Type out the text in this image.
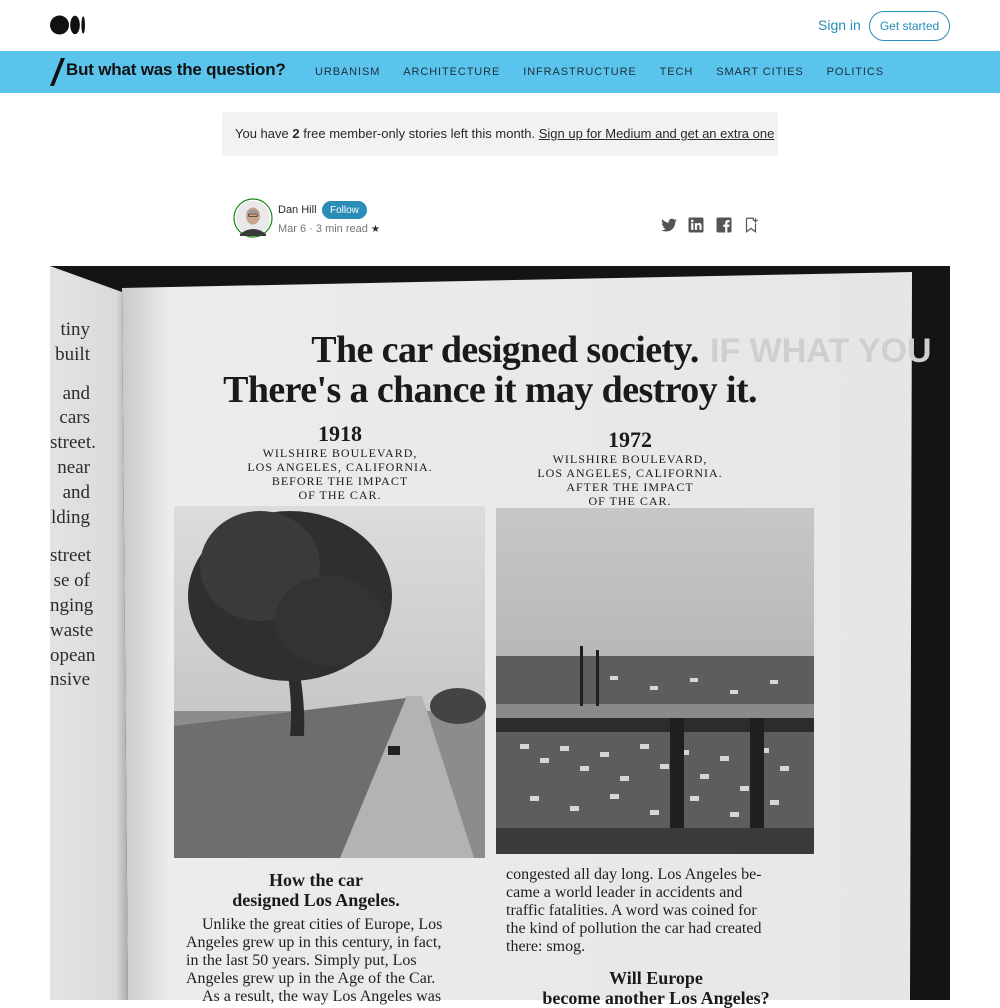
Sign in	Get started
But what was the question?	URBANISM ARCHITECTURE INFRASTRUCTURE TECH SMART CITIES POLITICS
You have 2 free member-only stories left this month. Sign up for Medium and get an extra one
Dan Hill	Follow
Mar 6 · 3 min read ★
tiny
built
and
cars
street.
near
and
lding
street
se of
nging
waste
opean
nsive
IF WHAT YOU
The car designed society.
There's a chance it may destroy it.
1918
WILSHIRE BOULEVARD,
LOS ANGELES, CALIFORNIA.
BEFORE THE IMPACT
OF THE CAR.
1972
WILSHIRE BOULEVARD,
LOS ANGELES, CALIFORNIA.
AFTER THE IMPACT
OF THE CAR.
How the car
designed Los Angeles.
Unlike the great cities of Europe, Los
Angeles grew up in this century, in fact,
in the last 50 years. Simply put, Los
Angeles grew up in the Age of the Car.
As a result, the way Los Angeles was
congested all day long. Los Angeles be-
came a world leader in accidents and
traffic fatalities. A word was coined for
the kind of pollution the car had created
there: smog.
Will Europe
become another Los Angeles?
